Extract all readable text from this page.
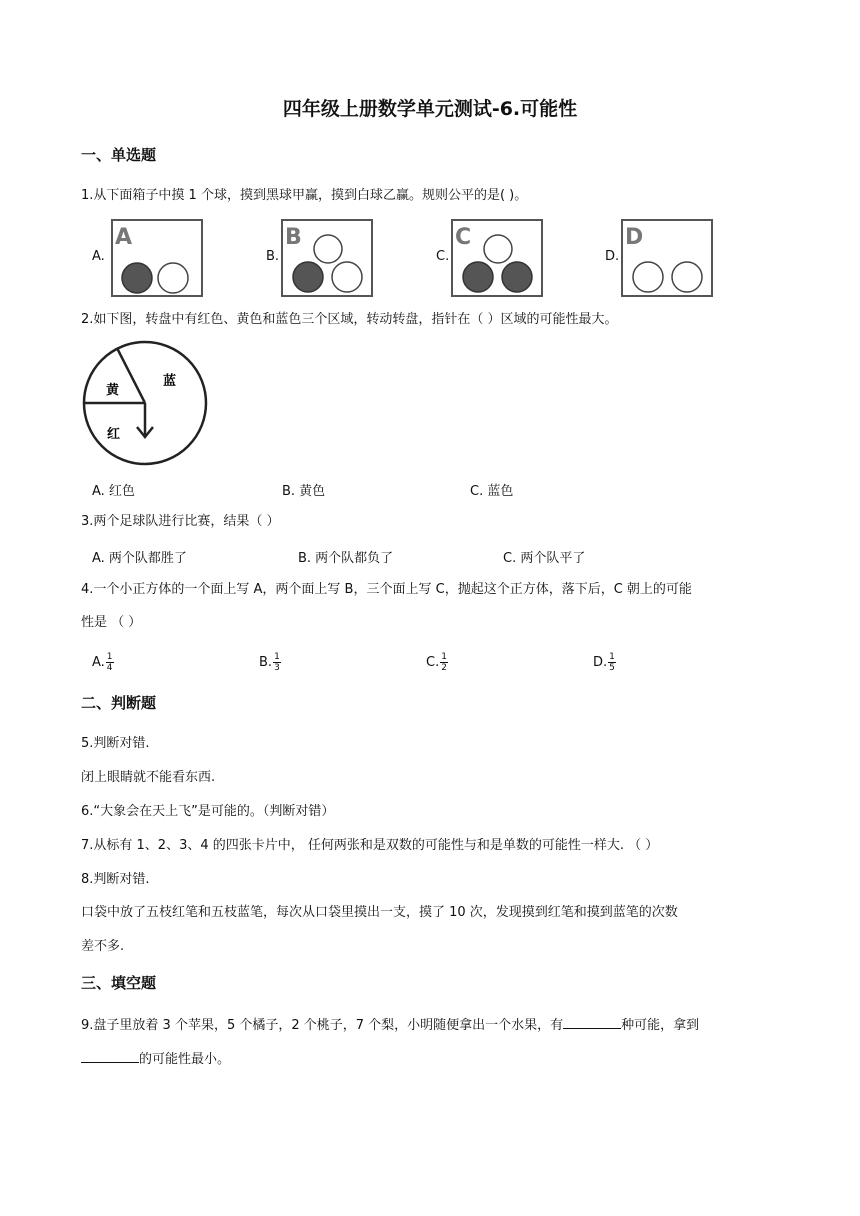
四年级上册数学单元测试-6.可能性
一、单选题
1.从下面箱子中摸 1 个球，摸到黑球甲赢，摸到白球乙赢。规则公平的是( )。
A.
A
B.
B
C.
C
D.
D
2.如下图，转盘中有红色、黄色和蓝色三个区域，转动转盘，指针在（ ）区域的可能性最大。
黄
蓝
红
A. 红色	B. 黄色	C. 蓝色
3.两个足球队进行比赛，结果（ ）
A. 两个队都胜了	B. 两个队都负了	C. 两个队平了
4.一个小正方体的一个面上写 A，两个面上写 B，三个面上写 C，抛起这个正方体，落下后，C 朝上的可能
性是 （ ）
A. $\frac{1}{4}$	B. $\frac{1}{3}$	C. $\frac{1}{2}$	D. $\frac{1}{5}$
二、判断题
5.判断对错.
闭上眼睛就不能看东西.
6.“大象会在天上飞”是可能的。（判断对错）
7.从标有 1、2、3、4 的四张卡片中， 任何两张和是双数的可能性与和是单数的可能性一样大. （ ）
8.判断对错.
口袋中放了五枝红笔和五枝蓝笔，每次从口袋里摸出一支，摸了 10 次，发现摸到红笔和摸到蓝笔的次数
差不多.
三、填空题
9.盘子里放着 3 个苹果，5 个橘子，2 个桃子，7 个梨，小明随便拿出一个水果，有	种可能，拿到
的可能性最小。
